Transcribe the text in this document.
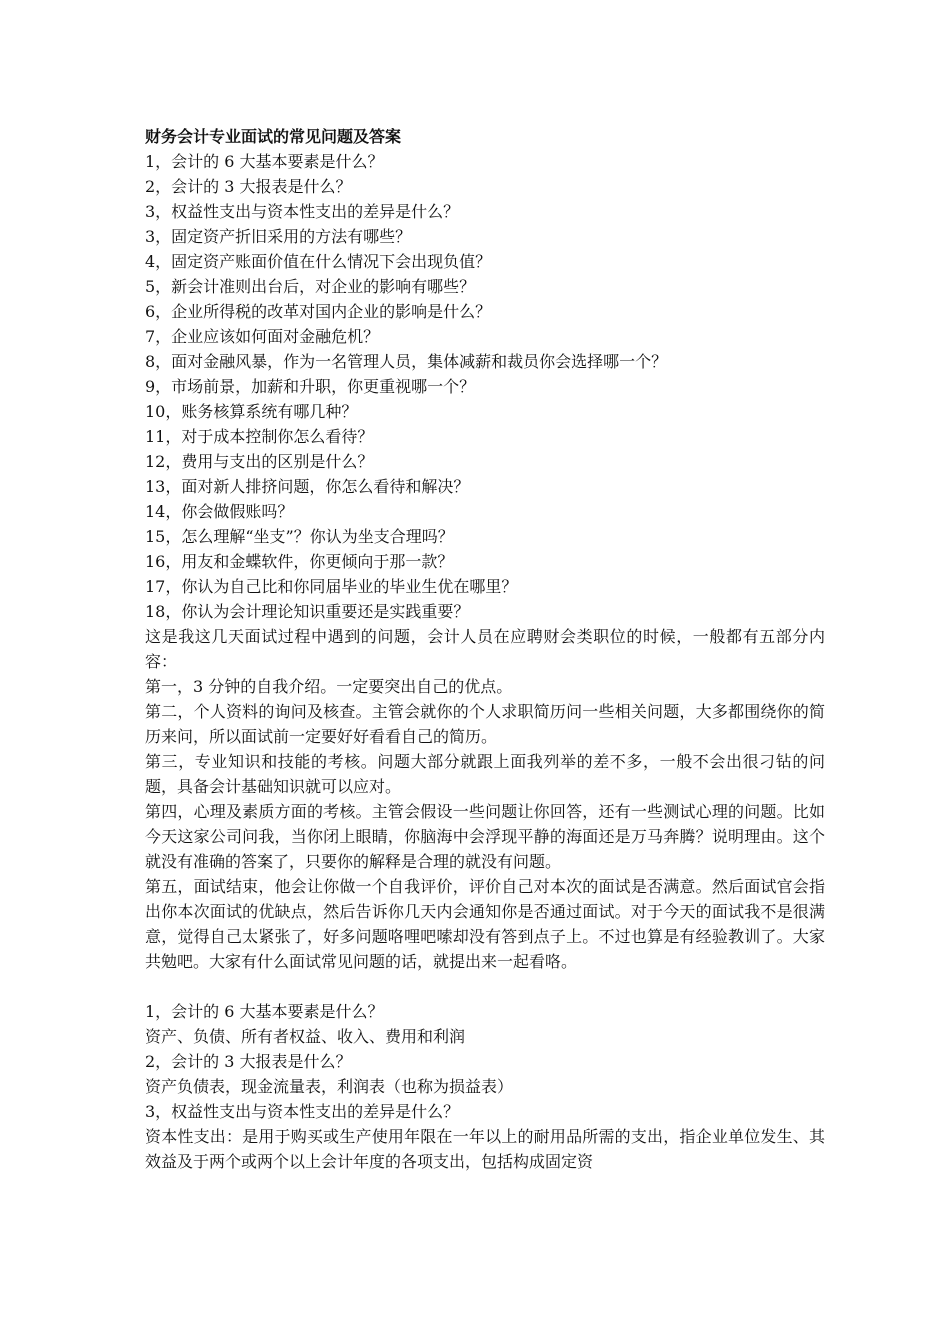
财务会计专业面试的常见问题及答案

1，会计的 6 大基本要素是什么？

2，会计的 3 大报表是什么？

3，权益性支出与资本性支出的差异是什么？

3，固定资产折旧采用的方法有哪些？

4，固定资产账面价值在什么情况下会出现负值？

5，新会计准则出台后，对企业的影响有哪些？

6，企业所得税的改革对国内企业的影响是什么？

7，企业应该如何面对金融危机？

8，面对金融风暴，作为一名管理人员，集体减薪和裁员你会选择哪一个？

9，市场前景，加薪和升职，你更重视哪一个？

10，账务核算系统有哪几种？

11，对于成本控制你怎么看待？

12，费用与支出的区别是什么？

13，面对新人排挤问题，你怎么看待和解决？

14，你会做假账吗？

15，怎么理解“坐支”？你认为坐支合理吗？

16，用友和金蝶软件，你更倾向于那一款？

17，你认为自己比和你同届毕业的毕业生优在哪里？

18，你认为会计理论知识重要还是实践重要？

这是我这几天面试过程中遇到的问题，会计人员在应聘财会类职位的时候，一般都有五部分内容：

第一，3 分钟的自我介绍。一定要突出自己的优点。

第二，个人资料的询问及核查。主管会就你的个人求职简历问一些相关问题，大多都围绕你的简历来问，所以面试前一定要好好看看自己的简历。

第三，专业知识和技能的考核。问题大部分就跟上面我列举的差不多，一般不会出很刁钻的问题，具备会计基础知识就可以应对。

第四，心理及素质方面的考核。主管会假设一些问题让你回答，还有一些测试心理的问题。比如今天这家公司问我，当你闭上眼睛，你脑海中会浮现平静的海面还是万马奔腾？说明理由。这个就没有准确的答案了，只要你的解释是合理的就没有问题。

第五，面试结束，他会让你做一个自我评价，评价自己对本次的面试是否满意。然后面试官会指出你本次面试的优缺点，然后告诉你几天内会通知你是否通过面试。对于今天的面试我不是很满意，觉得自己太紧张了，好多问题咯哩吧嗦却没有答到点子上。不过也算是有经验教训了。大家共勉吧。大家有什么面试常见问题的话，就提出来一起看咯。

1，会计的 6 大基本要素是什么？

资产、负债、所有者权益、收入、费用和利润

2，会计的 3 大报表是什么？

资产负债表，现金流量表，利润表（也称为损益表）

3，权益性支出与资本性支出的差异是什么？

资本性支出：是用于购买或生产使用年限在一年以上的耐用品所需的支出，指企业单位发生、其效益及于两个或两个以上会计年度的各项支出，包括构成固定资
